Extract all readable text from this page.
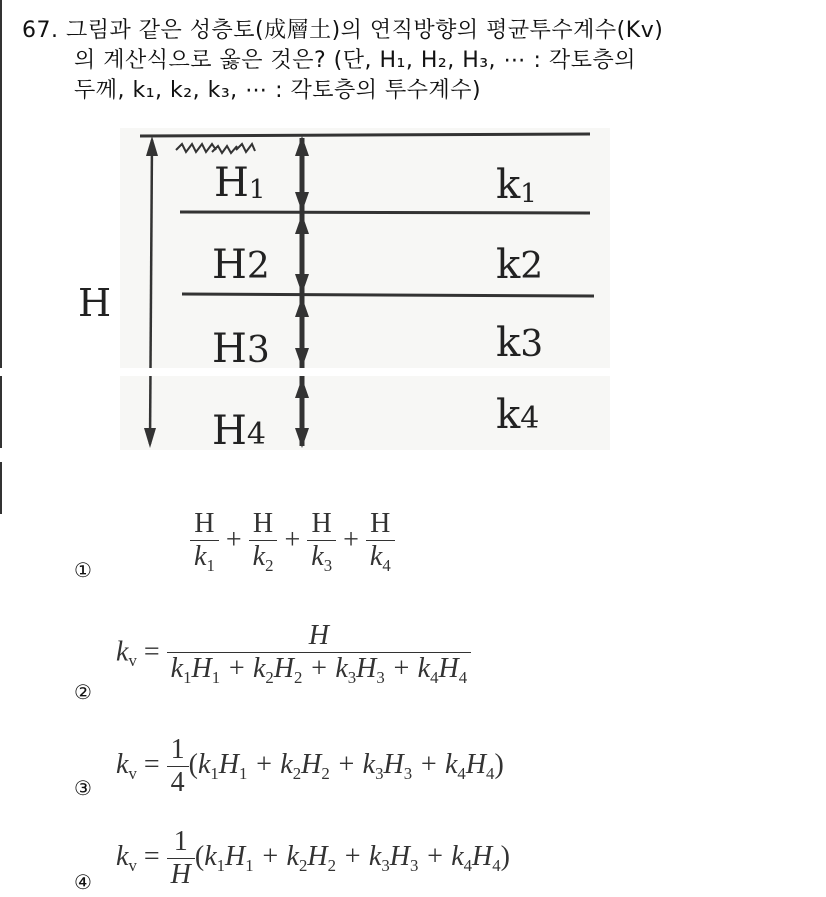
67. 그림과 같은 성층토(成層土)의 연직방향의 평균투수계수(Kv)
의 계산식으로 옳은 것은? (단, H₁, H₂, H₃, ⋯ : 각토층의
두께, k₁, k₂, k₃, ⋯ : 각토층의 투수계수)
H
H1	k1
H2	k2
H3	k3
H4	k4
①	$\frac{H}{k_1} + \frac{H}{k_2} + \frac{H}{k_3} + \frac{H}{k_4}$
②
$k_v = \frac{H}{k_1H_1 + k_2H_2 + k_3H_3 + k_4H_4}$
③
$k_v = \frac{1}{4} (k_1H_1 + k_2H_2 + k_3H_3 + k_4H_4)$
④
$k_v = \frac{1}{H} (k_1H_1 + k_2H_2 + k_3H_3 + k_4H_4)$
